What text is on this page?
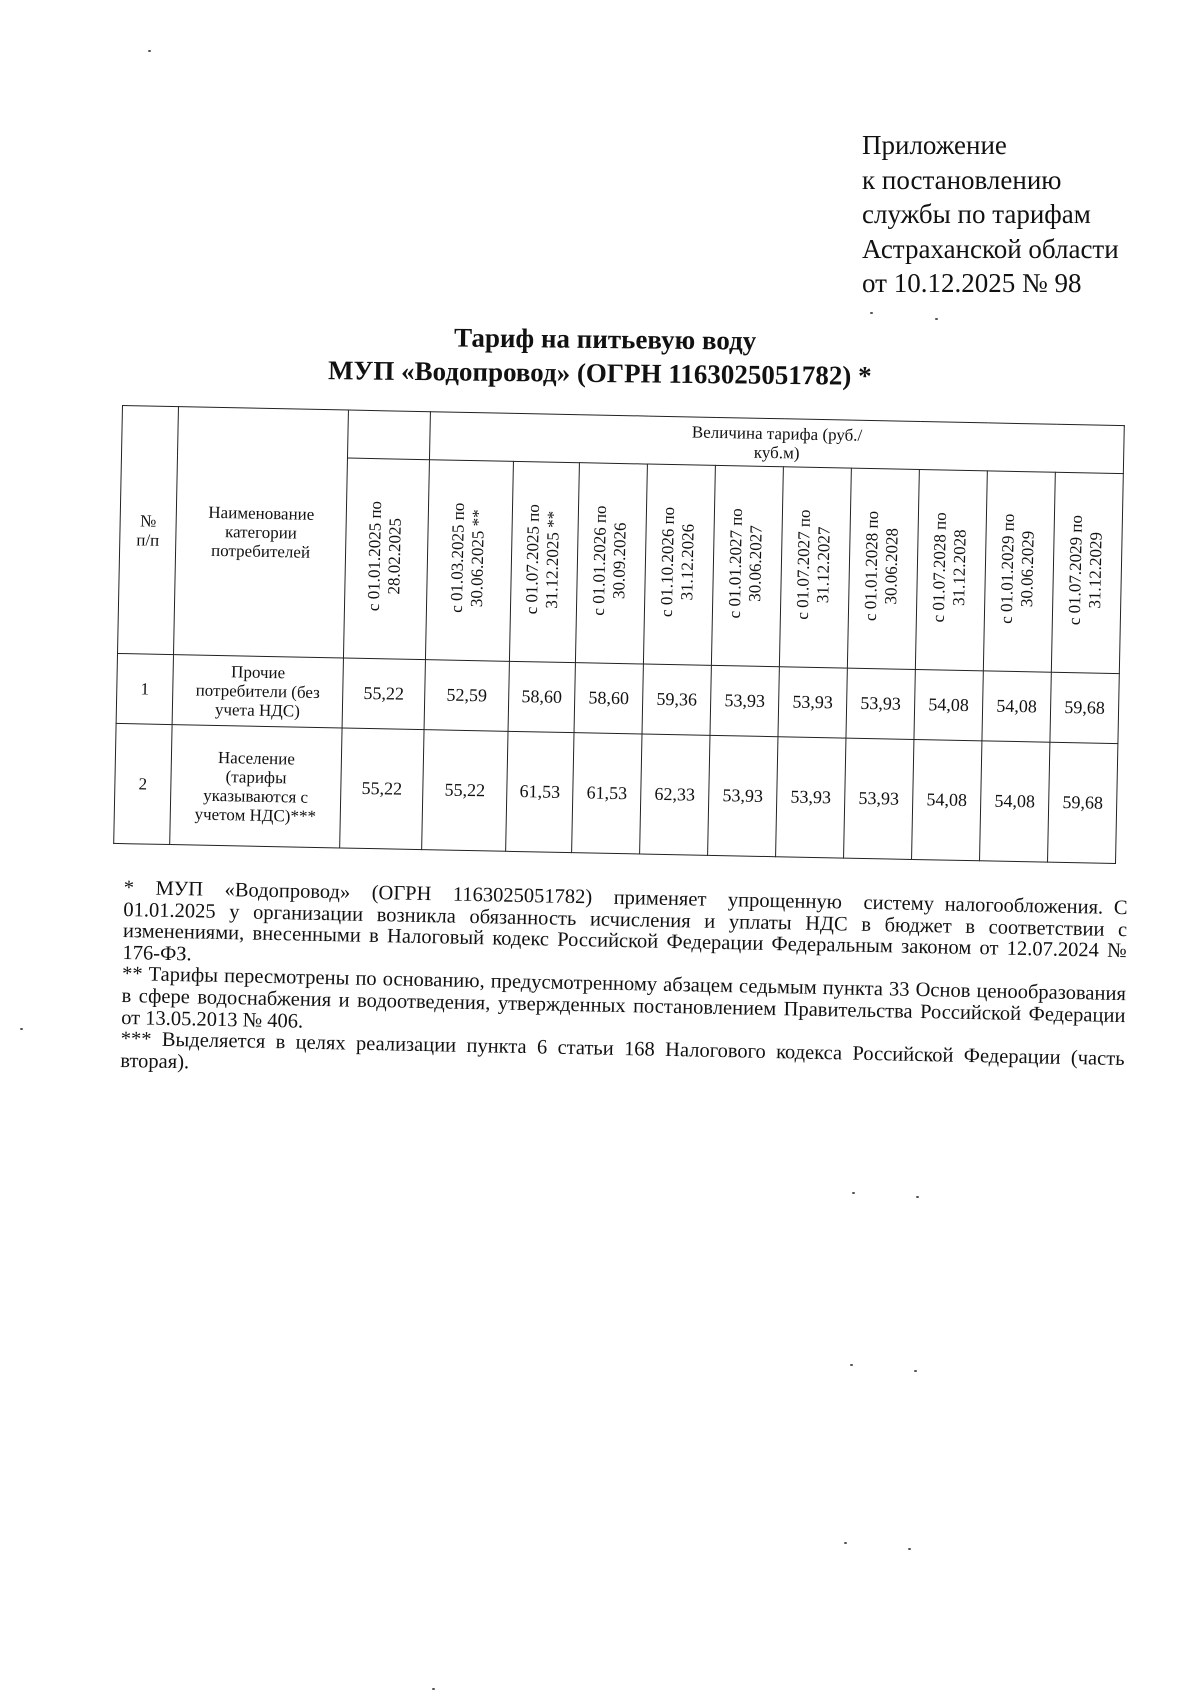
Приложение
к постановлению
службы по тарифам
Астраханской области
от 10.12.2025 № 98
Тариф на питьевую воду
МУП «Водопровод» (ОГРН 1163025051782) *
№
п/п	Наименование категории потребителей		Величина тарифа (руб./куб.м)									
		с 01.01.2025 по 28.02.2025	с 01.03.2025 по 30.06.2025 **	с 01.07.2025 по 31.12.2025 **	с 01.01.2026 по 30.09.2026	с 01.10.2026 по 31.12.2026	с 01.01.2027 по 30.06.2027	с 01.07.2027 по 31.12.2027	с 01.01.2028 по 30.06.2028	с 01.07.2028 по 31.12.2028	с 01.01.2029 по 30.06.2029	с 01.07.2029 по 31.12.2029
1	Прочие потребители (без учета НДС)	55,22	52,59	58,60	58,60	59,36	53,93	53,93	53,93	54,08	54,08	59,68
2	Население (тарифы указываются с учетом НДС)***	55,22	55,22	61,53	61,53	62,33	53,93	53,93	53,93	54,08	54,08	59,68

*  МУП  «Водопровод»  (ОГРН  1163025051782)  применяет  упрощенную  систему налогообложения. С 01.01.2025 у организации возникла обязанность исчисления и уплаты НДС в бюджет в соответствии с изменениями, внесенными в Налоговый кодекс Российской Федерации Федеральным законом от 12.07.2024 № 176-ФЗ.

** Тарифы пересмотрены по основанию, предусмотренному абзацем седьмым пункта 33 Основ ценообразования в сфере водоснабжения и водоотведения, утвержденных постановлением Правительства Российской Федерации от 13.05.2013 № 406.

*** Выделяется в целях реализации пункта 6 статьи 168 Налогового кодекса Российской Федерации (часть вторая).
